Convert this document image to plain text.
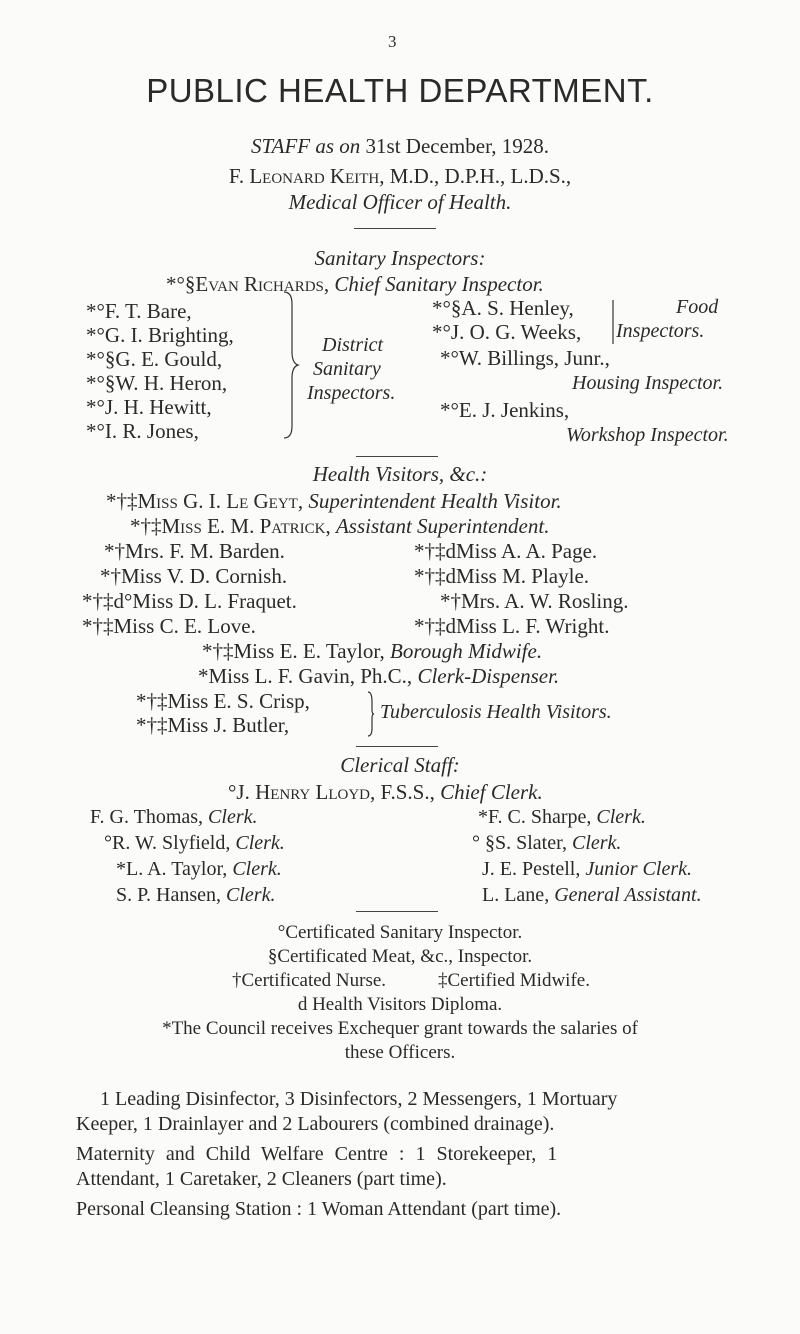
3
PUBLIC HEALTH DEPARTMENT.
STAFF as on 31st December, 1928.
F. Leonard Keith, M.D., D.P.H., L.D.S.,
Medical Officer of Health.
Sanitary Inspectors:
*°§Evan Richards, Chief Sanitary Inspector.
*°F. T. Bare,
*°G. I. Brighting,
*°§G. E. Gould,
*°§W. H. Heron,
*°J. H. Hewitt,
*°I. R. Jones,
District
Sanitary
Inspectors.
*°§A. S. Henley,
*°J. O. G. Weeks,
Food
Inspectors.
*°W. Billings, Junr.,
Housing Inspector.
*°E. J. Jenkins,
Workshop Inspector.
Health Visitors, &c.:
*†‡Miss G. I. Le Geyt, Superintendent Health Visitor.
*†‡Miss E. M. Patrick, Assistant Superintendent.
*†Mrs. F. M. Barden.
*†Miss V. D. Cornish.
*†‡d°Miss D. L. Fraquet.
*†‡Miss C. E. Love.
*†‡dMiss A. A. Page.
*†‡dMiss M. Playle.
*†Mrs. A. W. Rosling.
*†‡dMiss L. F. Wright.
*†‡Miss E. E. Taylor, Borough Midwife.
*Miss L. F. Gavin, Ph.C., Clerk-Dispenser.
*†‡Miss E. S. Crisp,
*†‡Miss J. Butler,
Tuberculosis Health Visitors.
Clerical Staff:
°J. Henry Lloyd, F.S.S., Chief Clerk.
F. G. Thomas, Clerk.
°R. W. Slyfield, Clerk.
*L. A. Taylor, Clerk.
S. P. Hansen, Clerk.
*F. C. Sharpe, Clerk.
° §S. Slater, Clerk.
J. E. Pestell, Junior Clerk.
L. Lane, General Assistant.
°Certificated Sanitary Inspector.
§Certificated Meat, &c., Inspector.
†Certificated Nurse.	‡Certified Midwife.
d Health Visitors Diploma.
*The Council receives Exchequer grant towards the salaries of
these Officers.
1 Leading Disinfector, 3 Disinfectors, 2 Messengers, 1 Mortuary
Keeper, 1 Drainlayer and 2 Labourers (combined drainage).
Maternity and Child Welfare Centre : 1 Storekeeper, 1
Attendant, 1 Caretaker, 2 Cleaners (part time).
Personal Cleansing Station : 1 Woman Attendant (part time).
